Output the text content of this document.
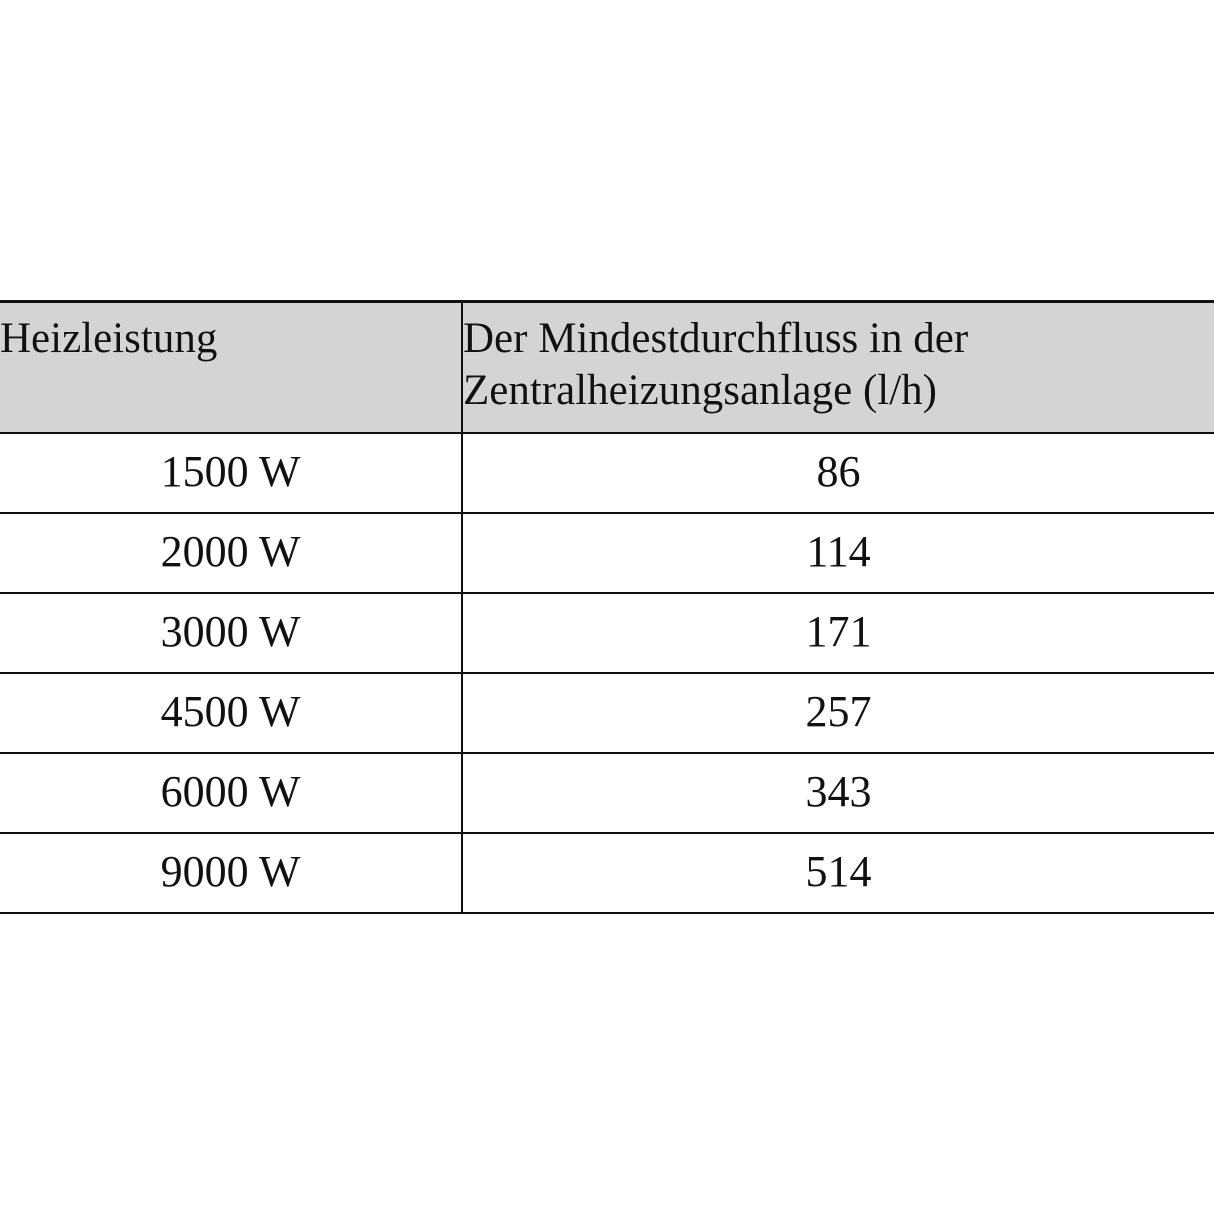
Heizleistung	Der Mindestdurchfluss in der
Zentralheizungsanlage (l/h)
1500 W	86
2000 W	114
3000 W	171
4500 W	257
6000 W	343
9000 W	514
